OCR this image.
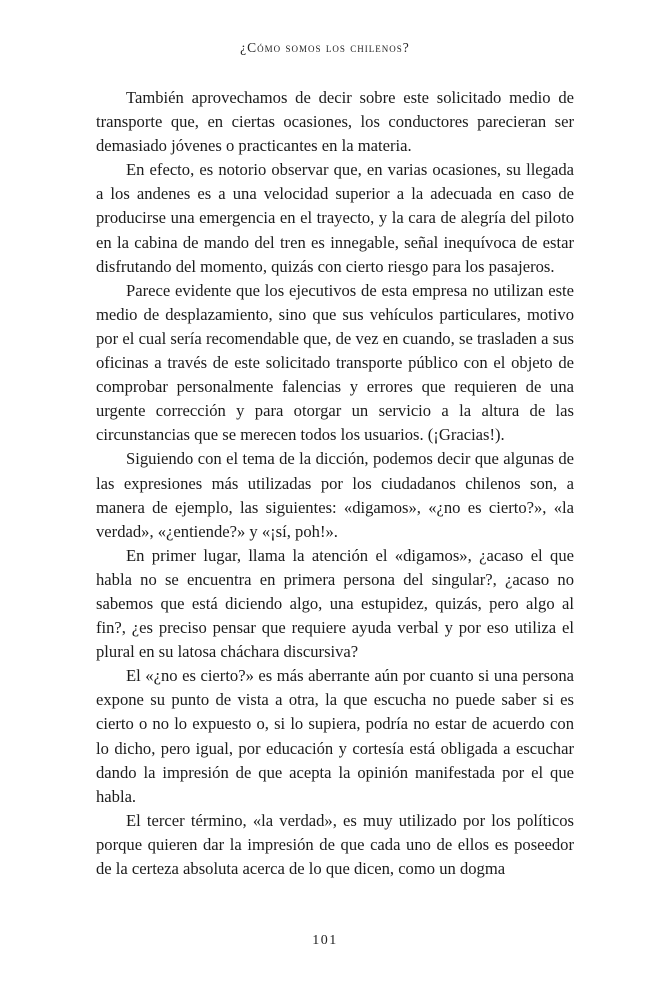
¿Cómo somos los chilenos?

También aprovechamos de decir sobre este solicitado medio de transporte que, en ciertas ocasiones, los conductores parecieran ser demasiado jóvenes o practicantes en la materia.

En efecto, es notorio observar que, en varias ocasiones, su llegada a los andenes es a una velocidad superior a la adecuada en caso de producirse una emergencia en el trayecto, y la cara de alegría del piloto en la cabina de mando del tren es innegable, señal inequívoca de estar disfrutando del momento, quizás con cierto riesgo para los pasajeros.

Parece evidente que los ejecutivos de esta empresa no utilizan este medio de desplazamiento, sino que sus vehículos particulares, motivo por el cual sería recomendable que, de vez en cuando, se trasladen a sus oficinas a través de este solicitado transporte público con el objeto de comprobar personalmente falencias y errores que requieren de una urgente corrección y para otorgar un servicio a la altura de las circunstancias que se merecen todos los usuarios. (¡Gracias!).

Siguiendo con el tema de la dicción, podemos decir que algunas de las expresiones más utilizadas por los ciudadanos chilenos son, a manera de ejemplo, las siguientes: «digamos», «¿no es cierto?», «la verdad», «¿entiende?» y «¡sí, poh!».

En primer lugar, llama la atención el «digamos», ¿acaso el que habla no se encuentra en primera persona del singular?, ¿acaso no sabemos que está diciendo algo, una estupidez, quizás, pero algo al fin?, ¿es preciso pensar que requiere ayuda verbal y por eso utiliza el plural en su latosa cháchara discursiva?

El «¿no es cierto?» es más aberrante aún por cuanto si una persona expone su punto de vista a otra, la que escucha no puede saber si es cierto o no lo expuesto o, si lo supiera, podría no estar de acuerdo con lo dicho, pero igual, por educación y cortesía está obligada a escuchar dando la impresión de que acepta la opinión manifestada por el que habla.

El tercer término, «la verdad», es muy utilizado por los políticos porque quieren dar la impresión de que cada uno de ellos es poseedor de la certeza absoluta acerca de lo que dicen, como un dogma

101
